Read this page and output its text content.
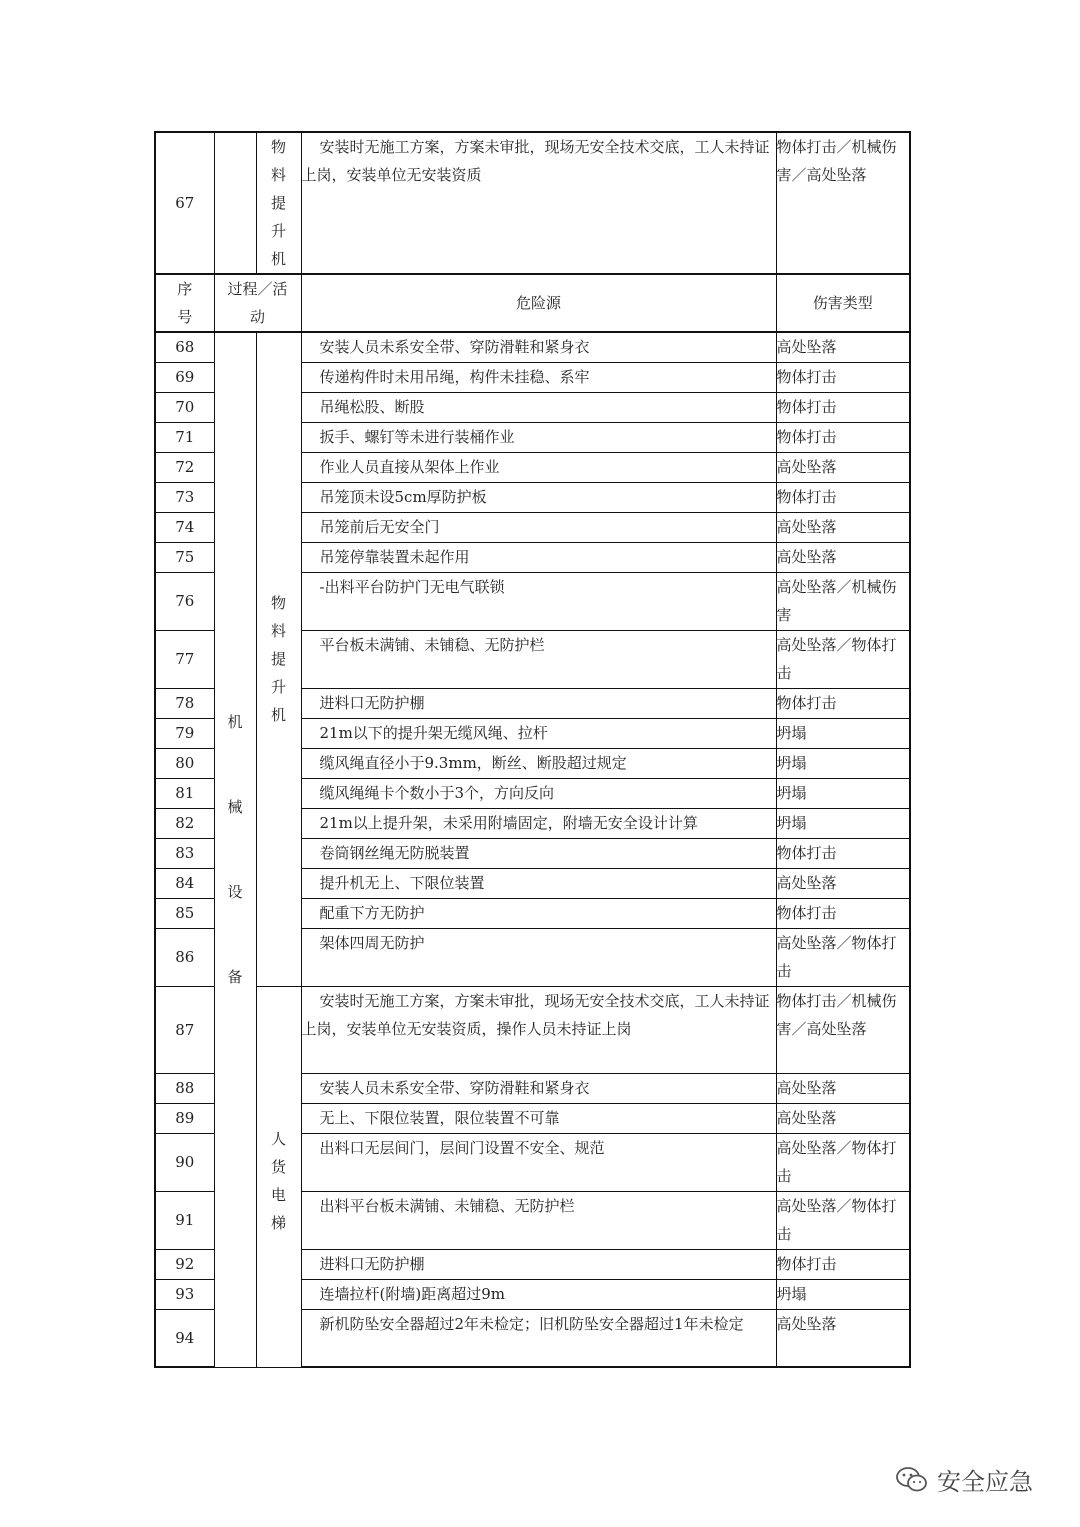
67		物
料
提
升
机	安装时无施工方案，方案未审批，现场无安全技术交底，工人未持证上岗，安装单位无安装资质	物体打击／机械伤害／高处坠落
序号	过程／活动		危险源	伤害类型
68	机
械
设
备	物
料
提
升
机	安装人员未系安全带、穿防滑鞋和紧身衣	高处坠落
69			传递构件时未用吊绳，构件未挂稳、系牢	物体打击
70			吊绳松股、断股	物体打击
71			扳手、螺钉等未进行装桶作业	物体打击
72			作业人员直接从架体上作业	高处坠落
73			吊笼顶未设5cm厚防护板	物体打击
74			吊笼前后无安全门	高处坠落
75			吊笼停靠装置未起作用	高处坠落
76			-出料平台防护门无电气联锁	高处坠落／机械伤害
77			平台板未满铺、未铺稳、无防护栏	高处坠落／物体打击
78			进料口无防护棚	物体打击
79			21m以下的提升架无缆风绳、拉杆	坍塌
80			缆风绳直径小于9.3mm，断丝、断股超过规定	坍塌
81			缆风绳绳卡个数小于3个，方向反向	坍塌
82			21m以上提升架，未采用附墙固定，附墙无安全设计计算	坍塌
83			卷筒钢丝绳无防脱装置	物体打击
84			提升机无上、下限位装置	高处坠落
85			配重下方无防护	物体打击
86			架体四周无防护	高处坠落／物体打击
87		人
货
电
梯	安装时无施工方案，方案未审批，现场无安全技术交底，工人未持证上岗，安装单位无安装资质，操作人员未持证上岗	物体打击／机械伤害／高处坠落
88			安装人员未系安全带、穿防滑鞋和紧身衣	高处坠落
89			无上、下限位装置，限位装置不可靠	高处坠落
90			出料口无层间门，层间门设置不安全、规范	高处坠落／物体打击
91			出料平台板未满铺、未铺稳、无防护栏	高处坠落／物体打击
92			进料口无防护棚	物体打击
93			连墙拉杆(附墙)距离超过9m	坍塌
94			新机防坠安全器超过2年未检定；旧机防坠安全器超过1年未检定	高处坠落
安全应急
